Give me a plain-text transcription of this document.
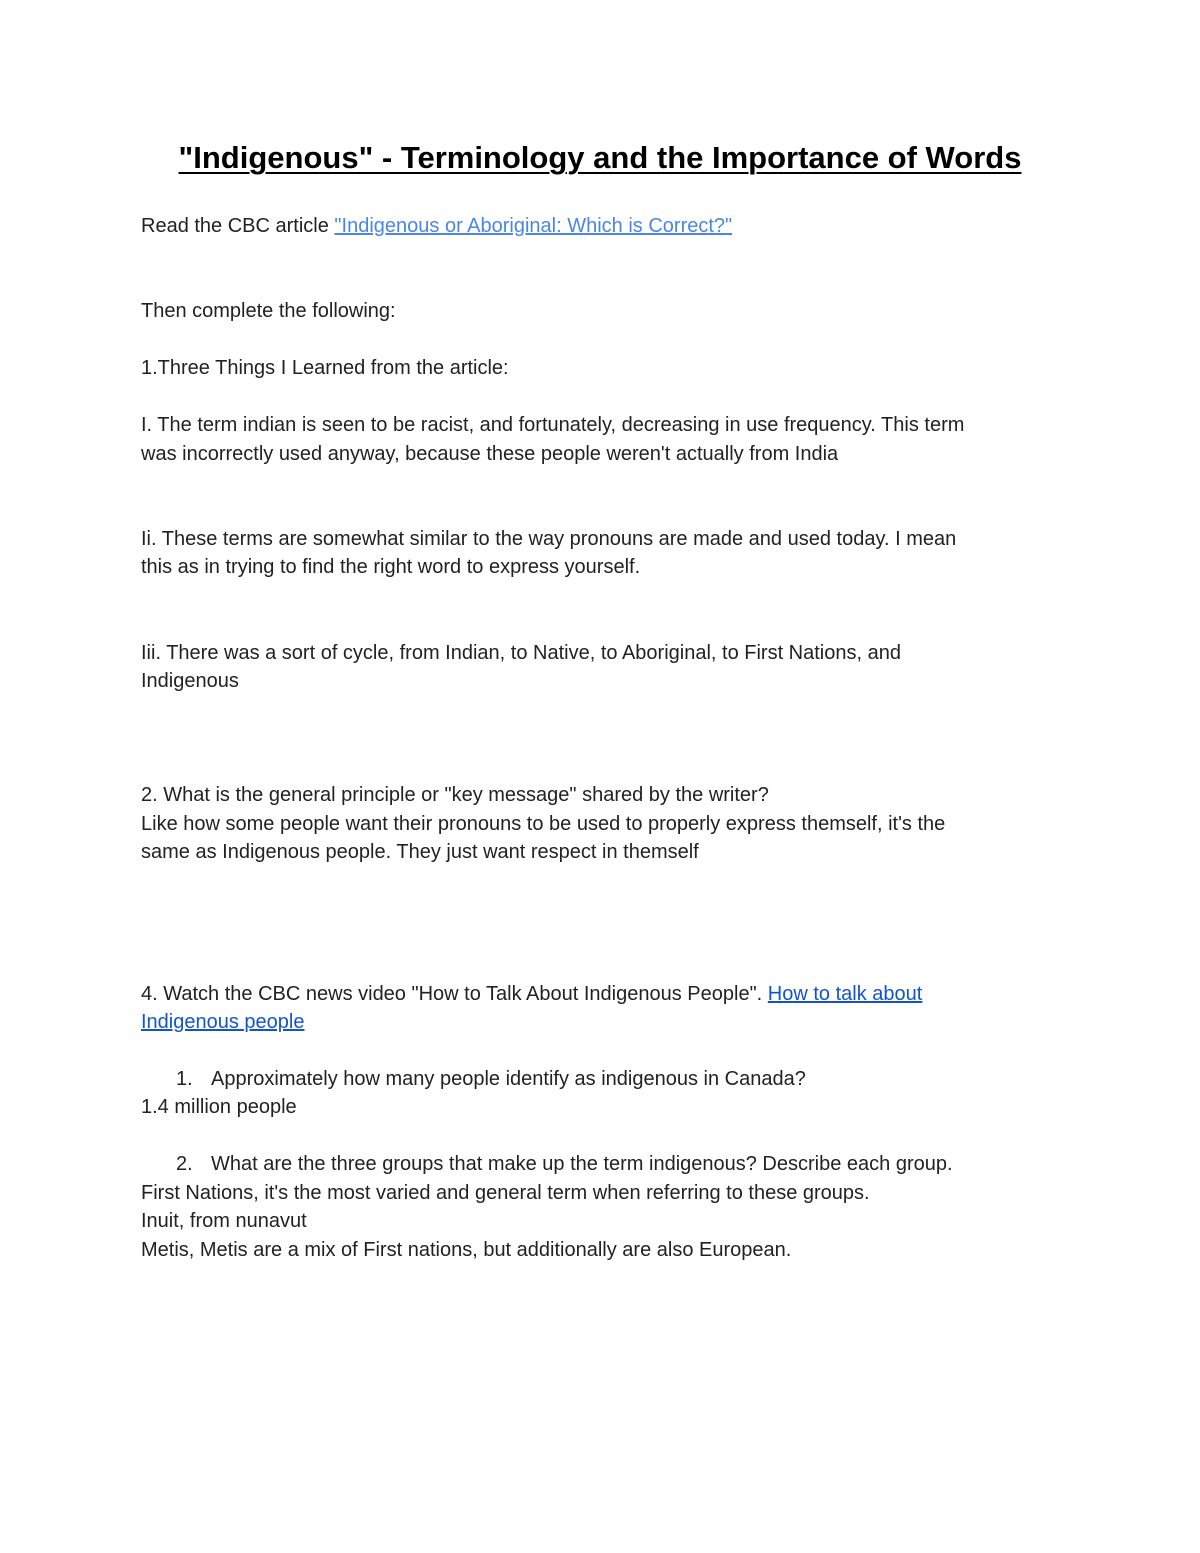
"Indigenous" - Terminology and the Importance of Words
Read the CBC article "Indigenous or Aboriginal: Which is Correct?"
Then complete the following:
1.Three Things I Learned from the article:
I. The term indian is seen to be racist, and fortunately, decreasing in use frequency. This term
was incorrectly used anyway, because these people weren't actually from India
Ii. These terms are somewhat similar to the way pronouns are made and used today. I mean
this as in trying to find the right word to express yourself.
Iii. There was a sort of cycle, from Indian, to Native, to Aboriginal, to First Nations, and
Indigenous
2. What is the general principle or "key message" shared by the writer?
Like how some people want their pronouns to be used to properly express themself, it's the
same as Indigenous people. They just want respect in themself
4. Watch the CBC news video "How to Talk About Indigenous People". How to talk about
Indigenous people
1. Approximately how many people identify as indigenous in Canada?
1.4 million people
2. What are the three groups that make up the term indigenous? Describe each group.
First Nations, it's the most varied and general term when referring to these groups.
Inuit, from nunavut
Metis, Metis are a mix of First nations, but additionally are also European.
